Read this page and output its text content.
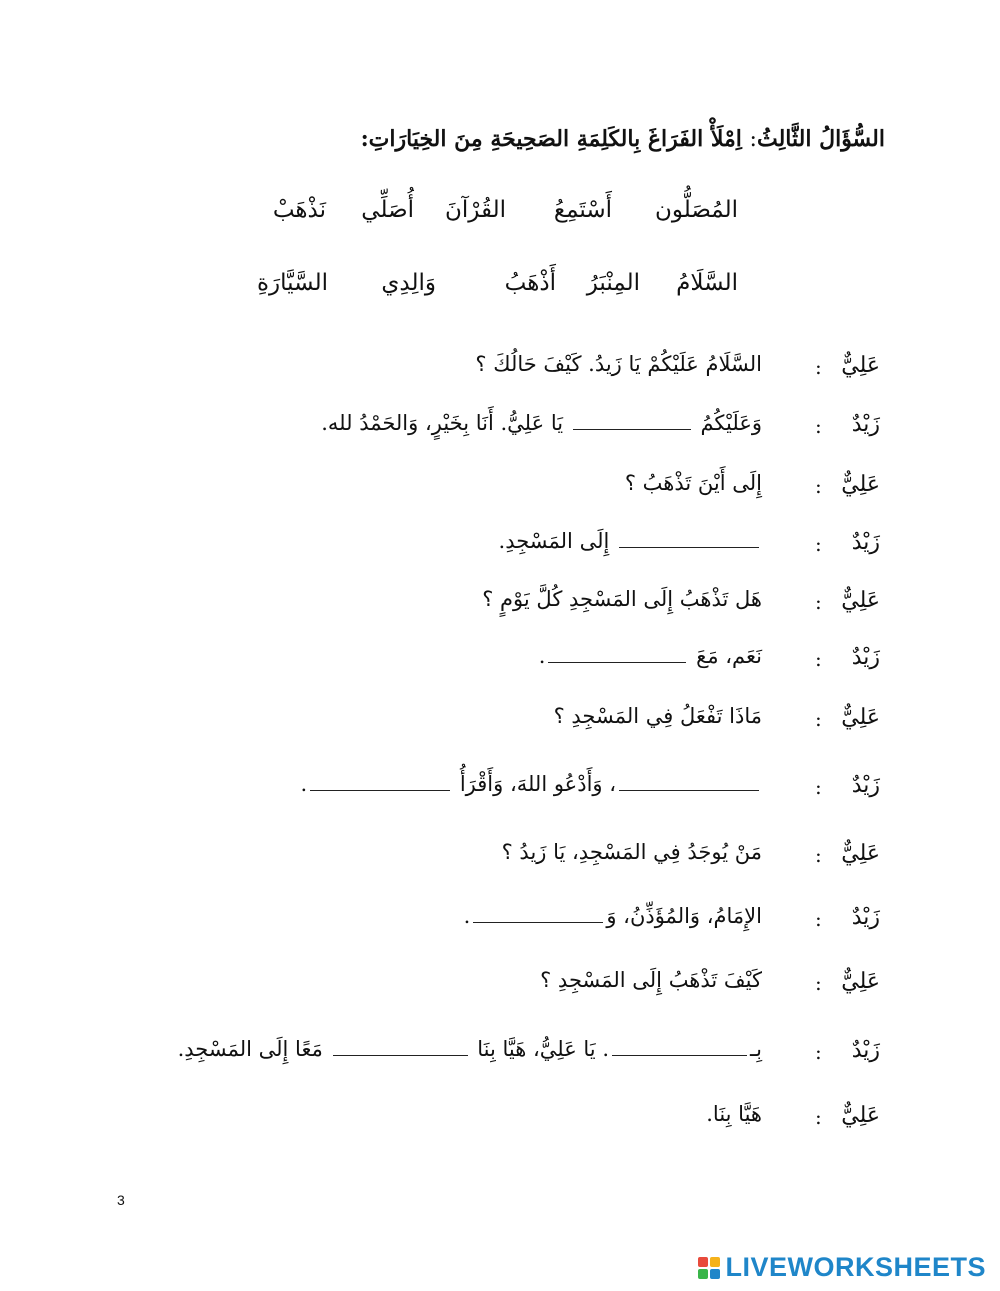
السُّؤَالُ الثَّالِثُ: اِمْلَأْ الفَرَاغَ بِالكَلِمَةِ الصَحِيحَةِ مِنَ الخِيَارَاتِ:
المُصَلُّون
أَسْتَمِعُ
القُرْآنَ
أُصَلِّي
نَذْهَبْ
السَّلَامُ
المِنْبَرُ
أَذْهَبُ
وَالِدِي
السَّيَّارَةِ
عَلِيٌّ
:
السَّلَامُ عَلَيْكُمْ يَا زَيدُ. كَيْفَ حَالُكَ ؟
زَيْدٌ
:
وَعَلَيْكُمُ  يَا عَلِيُّ. أَنَا بِخَيْرٍ، وَالحَمْدُ لله.
عَلِيٌّ
:
إِلَى أَيْنَ تَذْهَبُ ؟
زَيْدٌ
:
إِلَى المَسْجِدِ.
عَلِيٌّ
:
هَل تَذْهَبُ إِلَى المَسْجِدِ كُلَّ يَوْمٍ ؟
زَيْدٌ
:
نَعَم، مَعَ .
عَلِيٌّ
:
مَاذَا تَفْعَلُ فِي المَسْجِدِ ؟
زَيْدٌ
:
، وَأَدْعُو اللهَ، وَأَقْرَأُ .
عَلِيٌّ
:
مَنْ يُوجَدُ فِي المَسْجِدِ، يَا زَيدُ ؟
زَيْدٌ
:
الإِمَامُ، وَالمُؤَذِّنُ، وَ.
عَلِيٌّ
:
كَيْفَ تَذْهَبُ إِلَى المَسْجِدِ ؟
زَيْدٌ
:
بِـ. يَا عَلِيُّ، هَيَّا بِنَا  مَعًا إِلَى المَسْجِدِ.
عَلِيٌّ
:
هَيَّا بِنَا.
3
LIVEWORKSHEETS
